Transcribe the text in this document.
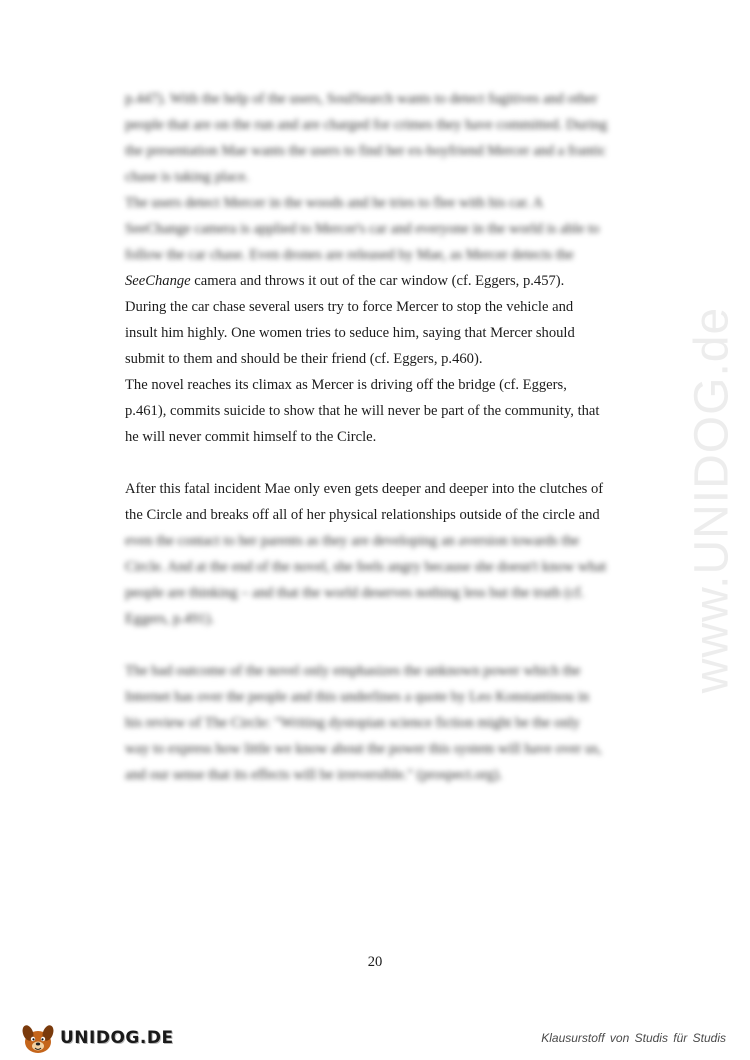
www.UNIDOG.de
p.447). With the help of the users, SoulSearch wants to detect fugitives and other
people that are on the run and are charged for crimes they have committed. During
the presentation Mae wants the users to find her ex-boyfriend Mercer and a frantic
chase is taking place.
The users detect Mercer in the woods and he tries to flee with his car. A
SeeChange camera is applied to Mercer's car and everyone in the world is able to
follow the car chase. Even drones are released by Mae, as Mercer detects the
SeeChange camera and throws it out of the car window (cf. Eggers, p.457).
During the car chase several users try to force Mercer to stop the vehicle and
insult him highly. One women tries to seduce him, saying that Mercer should
submit to them and should be their friend (cf. Eggers, p.460).
The novel reaches its climax as Mercer is driving off the bridge (cf. Eggers,
p.461), commits suicide to show that he will never be part of the community, that
he will never commit himself to the Circle.
After this fatal incident Mae only even gets deeper and deeper into the clutches of
the Circle and breaks off all of her physical relationships outside of the circle and
even the contact to her parents as they are developing an aversion towards the
Circle. And at the end of the novel, she feels angry because she doesn't know what
people are thinking – and that the world deserves nothing less but the truth (cf.
Eggers, p.491).
The bad outcome of the novel only emphasizes the unknown power which the
Internet has over the people and this underlines a quote by Leo Konstantinou in
his review of The Circle: "Writing dystopian science fiction might be the only
way to express how little we know about the power this system will have over us,
and our sense that its effects will be irreversible." (prospect.org).
20
UNIDOG.DE	Klausurstoff von Studis für Studis
